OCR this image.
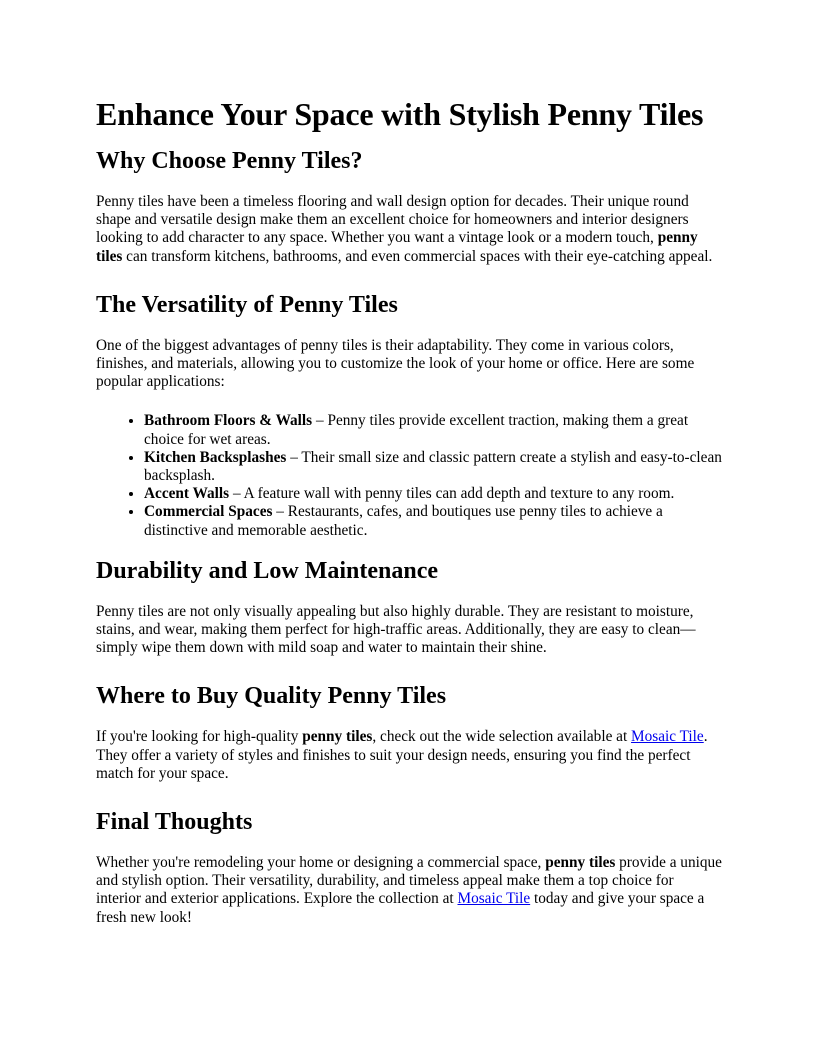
Enhance Your Space with Stylish Penny Tiles
Why Choose Penny Tiles?

Penny tiles have been a timeless flooring and wall design option for decades. Their unique round shape and versatile design make them an excellent choice for homeowners and interior designers looking to add character to any space. Whether you want a vintage look or a modern touch, penny tiles can transform kitchens, bathrooms, and even commercial spaces with their eye-catching appeal.

The Versatility of Penny Tiles

One of the biggest advantages of penny tiles is their adaptability. They come in various colors, finishes, and materials, allowing you to customize the look of your home or office. Here are some popular applications:

• Bathroom Floors & Walls – Penny tiles provide excellent traction, making them a great choice for wet areas.
• Kitchen Backsplashes – Their small size and classic pattern create a stylish and easy-to-clean backsplash.
• Accent Walls – A feature wall with penny tiles can add depth and texture to any room.
• Commercial Spaces – Restaurants, cafes, and boutiques use penny tiles to achieve a distinctive and memorable aesthetic.
Durability and Low Maintenance

Penny tiles are not only visually appealing but also highly durable. They are resistant to moisture, stains, and wear, making them perfect for high-traffic areas. Additionally, they are easy to clean—simply wipe them down with mild soap and water to maintain their shine.

Where to Buy Quality Penny Tiles

If you're looking for high-quality penny tiles, check out the wide selection available at Mosaic Tile. They offer a variety of styles and finishes to suit your design needs, ensuring you find the perfect match for your space.

Final Thoughts

Whether you're remodeling your home or designing a commercial space, penny tiles provide a unique and stylish option. Their versatility, durability, and timeless appeal make them a top choice for interior and exterior applications. Explore the collection at Mosaic Tile today and give your space a fresh new look!
